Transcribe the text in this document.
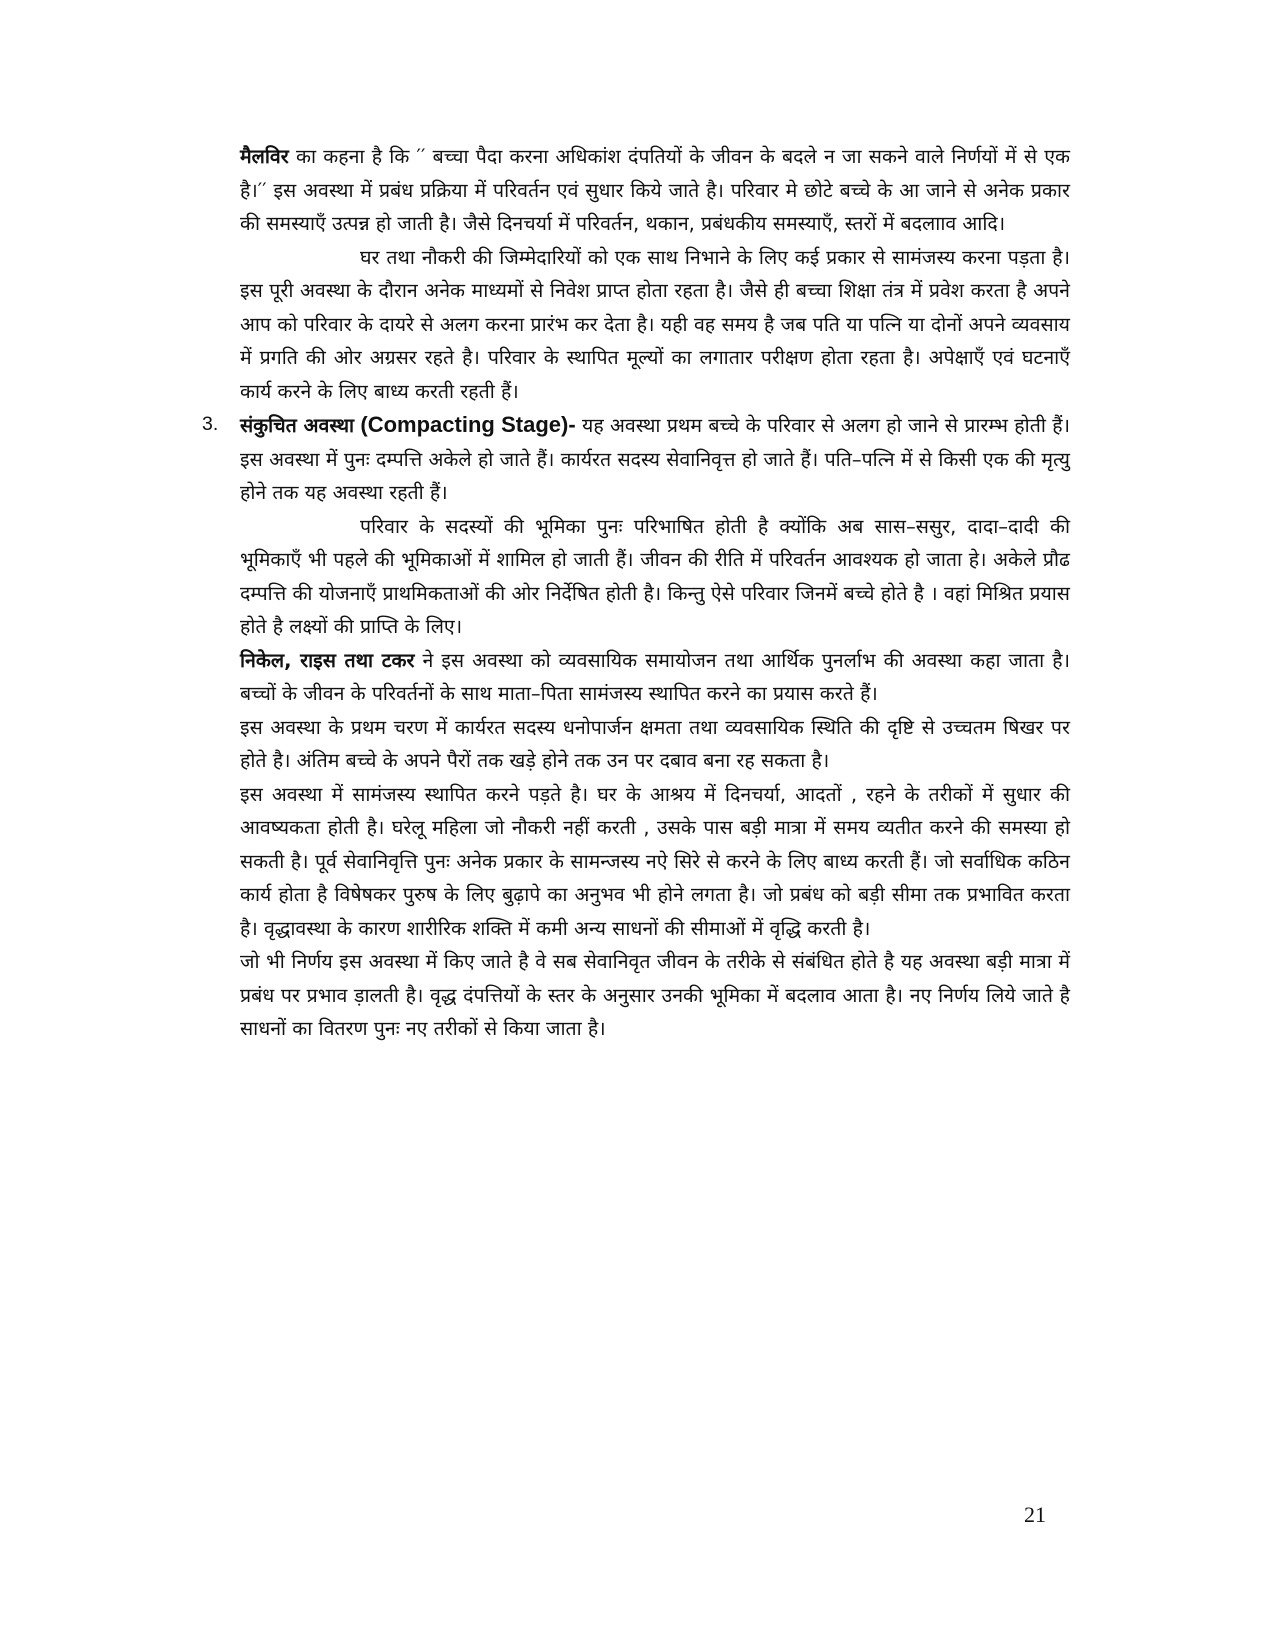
मैलविर का कहना है कि ′′ बच्चा पैदा करना अधिकांश दंपतियों के जीवन के बदले न जा सकने वाले निर्णयों में से एक है।′′ इस अवस्था में प्रबंध प्रक्रिया में परिवर्तन एवं सुधार किये जाते है। परिवार मे छोटे बच्चे के आ जाने से अनेक प्रकार की समस्याएँ उत्पन्न हो जाती है। जैसे दिनचर्या में परिवर्तन, थकान, प्रबंधकीय समस्याएँ, स्तरों में बदलााव आदि।

घर तथा नौकरी की जिम्मेदारियों को एक साथ निभाने के लिए कई प्रकार से सामंजस्य करना पड़ता है। इस पूरी अवस्था के दौरान अनेक माध्यमों से निवेश प्राप्त होता रहता है। जैसे ही बच्चा शिक्षा तंत्र में प्रवेश करता है अपने आप को परिवार के दायरे से अलग करना प्रारंभ कर देता है। यही वह समय है जब पति या पत्नि या दोनों अपने व्यवसाय में प्रगति की ओर अग्रसर रहते है। परिवार के स्थापित मूल्यों का लगातार परीक्षण होता रहता है। अपेक्षाएँ एवं घटनाएँ कार्य करने के लिए बाध्य करती रहती हैं।

3. संकुचित अवस्था (Compacting Stage)- यह अवस्था प्रथम बच्चे के परिवार से अलग हो जाने से प्रारम्भ होती हैं। इस अवस्था में पुनः दम्पत्ति अकेले हो जाते हैं। कार्यरत सदस्य सेवानिवृत्त हो जाते हैं। पति–पत्नि में से किसी एक की मृत्यु होने तक यह अवस्था रहती हैं।

परिवार के सदस्यों की भूमिका पुनः परिभाषित होती है क्योंकि अब सास–ससुर, दादा–दादी की भूमिकाएँ भी पहले की भूमिकाओं में शामिल हो जाती हैं। जीवन की रीति में परिवर्तन आवश्यक हो जाता हे। अकेले प्रौढ दम्पत्ति की योजनाएँ प्राथमिकताओं की ओर निर्देषित होती है। किन्तु ऐसे परिवार जिनमें बच्चे होते है । वहां मिश्रित प्रयास होते है लक्ष्यों की प्राप्ति के लिए।

निकेल, राइस तथा टकर ने इस अवस्था को व्यवसायिक समायोजन तथा आर्थिक पुनर्लाभ की अवस्था कहा जाता है। बच्चों के जीवन के परिवर्तनों के साथ माता–पिता सामंजस्य स्थापित करने का प्रयास करते हैं।

इस अवस्था के प्रथम चरण में कार्यरत सदस्य धनोपार्जन क्षमता तथा व्यवसायिक स्थिति की दृष्टि से उच्चतम षिखर पर होते है। अंतिम बच्चे के अपने पैरों तक खड़े होने तक उन पर दबाव बना रह सकता है।

इस अवस्था में सामंजस्य स्थापित करने पड़ते है। घर के आश्रय में दिनचर्या, आदतों , रहने के तरीकों में सुधार की आवष्यकता होती है। घरेलू महिला जो नौकरी नहीं करती , उसके पास बड़ी मात्रा में समय व्यतीत करने की समस्या हो सकती है। पूर्व सेवानिवृत्ति पुनः अनेक प्रकार के सामन्जस्य नऐ सिरे से करने के लिए बाध्य करती हैं। जो सर्वाधिक कठिन कार्य होता है विषेषकर पुरुष के लिए बुढ़ापे का अनुभव भी होने लगता है। जो प्रबंध को बड़ी सीमा तक प्रभावित करता है। वृद्धावस्था के कारण शारीरिक शक्ति में कमी अन्य साधनों की सीमाओं में वृद्धि करती है।

जो भी निर्णय इस अवस्था में किए जाते है वे सब सेवानिवृत जीवन के तरीके से संबंधित होते है यह अवस्था बड़ी मात्रा में प्रबंध पर प्रभाव ड़ालती है। वृद्ध दंपत्तियों के स्तर के अनुसार उनकी भूमिका में बदलाव आता है। नए निर्णय लिये जाते है साधनों का वितरण पुनः नए तरीकों से किया जाता है।

21
